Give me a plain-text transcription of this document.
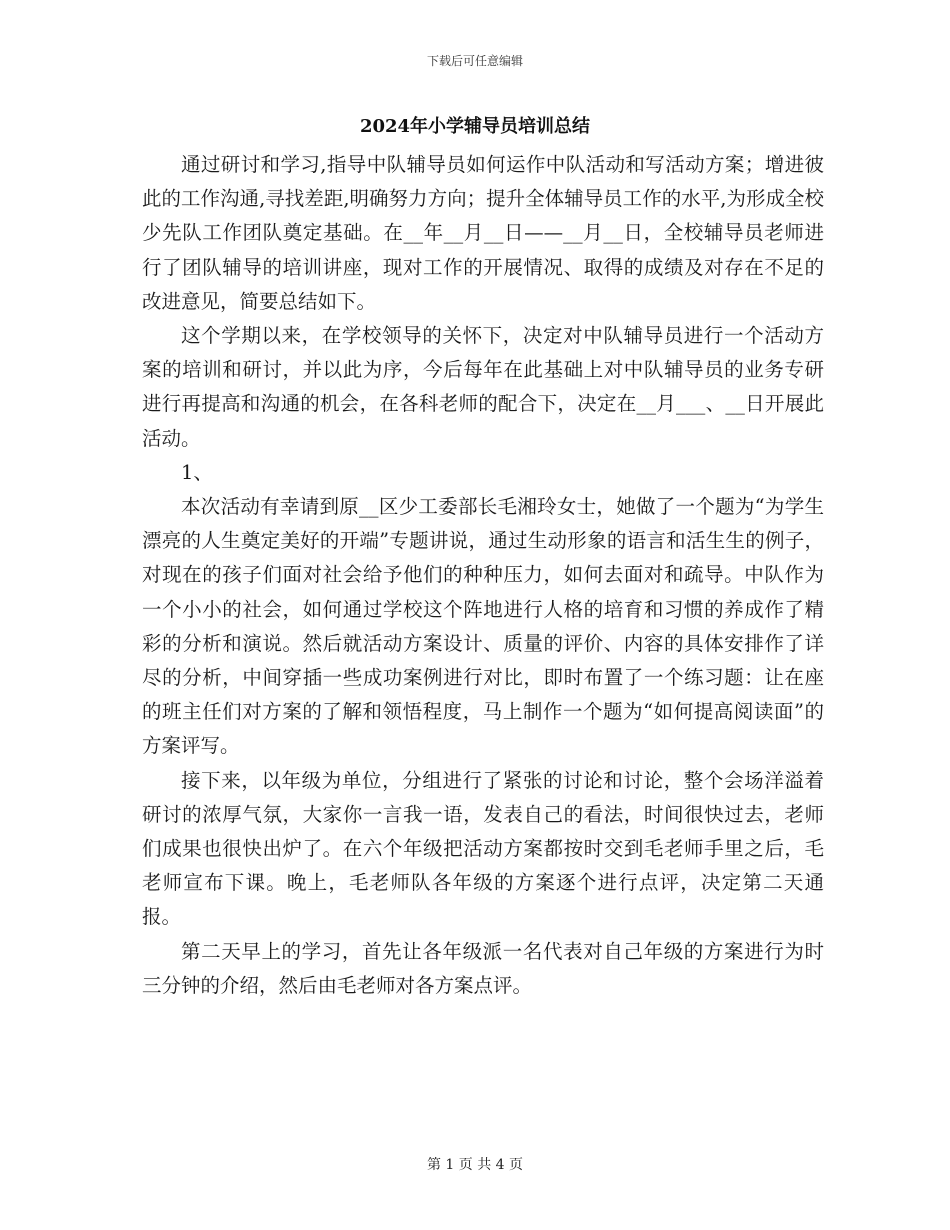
下载后可任意编辑
2024年小学辅导员培训总结

通过研讨和学习,指导中队辅导员如何运作中队活动和写活动方案；增进彼此的工作沟通,寻找差距,明确努力方向；提升全体辅导员工作的水平,为形成全校少先队工作团队奠定基础。在__年__月__日——__月__日，全校辅导员老师进行了团队辅导的培训讲座，现对工作的开展情况、取得的成绩及对存在不足的改进意见，简要总结如下。

这个学期以来，在学校领导的关怀下，决定对中队辅导员进行一个活动方案的培训和研讨，并以此为序，今后每年在此基础上对中队辅导员的业务专研进行再提高和沟通的机会，在各科老师的配合下，决定在__月___、__日开展此活动。

1、

本次活动有幸请到原__区少工委部长毛湘玲女士，她做了一个题为“为学生漂亮的人生奠定美好的开端”专题讲说，通过生动形象的语言和活生生的例子，对现在的孩子们面对社会给予他们的种种压力，如何去面对和疏导。中队作为一个小小的社会，如何通过学校这个阵地进行人格的培育和习惯的养成作了精彩的分析和演说。然后就活动方案设计、质量的评价、内容的具体安排作了详尽的分析，中间穿插一些成功案例进行对比，即时布置了一个练习题：让在座的班主任们对方案的了解和领悟程度，马上制作一个题为“如何提高阅读面”的方案评写。

接下来，以年级为单位，分组进行了紧张的讨论和讨论，整个会场洋溢着研讨的浓厚气氛，大家你一言我一语，发表自己的看法，时间很快过去，老师们成果也很快出炉了。在六个年级把活动方案都按时交到毛老师手里之后，毛老师宣布下课。晚上，毛老师队各年级的方案逐个进行点评，决定第二天通报。

第二天早上的学习，首先让各年级派一名代表对自己年级的方案进行为时三分钟的介绍，然后由毛老师对各方案点评。

第 1 页 共 4 页
